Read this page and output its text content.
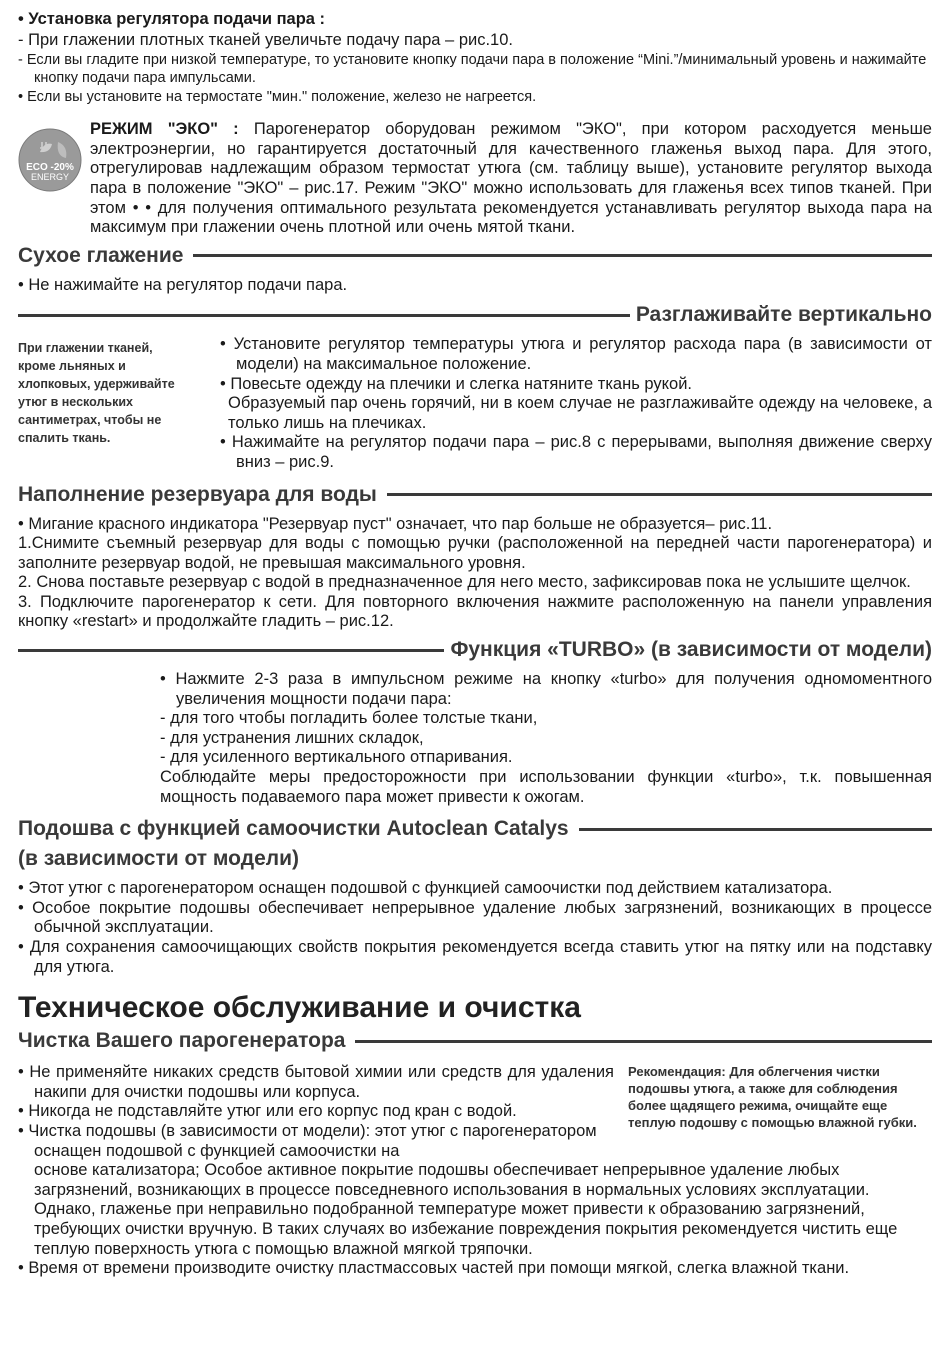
• Установка регулятора подачи пара :

- При глажении плотных тканей увеличьте подачу пара – рис.10.

- Если вы гладите при низкой температуре, то установите кнопку подачи пара в положение “Mini.”/минимальный уровень и нажимайте кнопку подачи пара импульсами.

• Если вы установите на термостате "мин." положение, железо не нагреется.

ECO -20%
ENERGY

РЕЖИМ "ЭКО" : Парогенератор оборудован режимом "ЭКО", при котором расходуется меньше электроэнергии, но гарантируется достаточный для качественного глаженья выход пара. Для этого, отрегулировав надлежащим образом термостат утюга (см. таблицу выше), установите регулятор выхода пара в положение "ЭКО" – рис.17. Режим "ЭКО" можно использовать для глаженья всех типов тканей. При этом • • для получения оптимального результата рекомендуется устанавливать регулятор выхода пара на максимум при глажении очень плотной или очень мятой ткани.

Сухое глажение

• Не нажимайте на регулятор подачи пара.

Разглаживайте вертикально

При глажении тканей, кроме льняных и хлопковых, удерживайте утюг в нескольких сантиметрах, чтобы не спалить ткань.

• Установите регулятор температуры утюга и регулятор расхода пара (в зависимости от модели) на максимальное положение.

• Повесьте одежду на плечики и слегка натяните ткань рукой.

Образуемый пар очень горячий, ни в коем случае не разглаживайте одежду на человеке, а только лишь на плечиках.

• Нажимайте на регулятор подачи пара – рис.8 с перерывами, выполняя движение сверху вниз – рис.9.

Наполнение резервуара для воды

• Мигание красного индикатора "Резервуар пуст" означает, что пар больше не образуется– рис.11.

1.Снимите съемный резервуар для воды с помощью ручки (расположенной на передней части парогенератора) и заполните резервуар водой, не превышая максимального уровня.

2. Снова поставьте резервуар с водой в предназначенное для него место, зафиксировав пока не услышите щелчок.

3. Подключите парогенератор к сети. Для повторного включения нажмите расположенную на панели управления кнопку «restart» и продолжайте гладить – рис.12.

Функция «TURBO» (в зависимости от модели)

• Нажмите 2-3 раза в импульсном режиме на кнопку «turbo» для получения одномоментного увеличения мощности подачи пара:

- для того чтобы погладить более толстые ткани,

- для устранения лишних складок,

- для усиленного вертикального отпаривания.

Соблюдайте меры предосторожности при использовании функции «turbo», т.к. повышенная мощность подаваемого пара может привести к ожогам.

Подошва с функцией самоочистки Autoclean Catalys
(в зависимости от модели)

• Этот утюг с парогенератором оснащен подошвой с функцией самоочистки под действием катализатора.

• Особое покрытие подошвы обеспечивает непрерывное удаление любых загрязнений, возникающих в процессе обычной эксплуатации.

• Для сохранения самоочищающих свойств покрытия рекомендуется всегда ставить утюг на пятку или на подставку для утюга.

Техническое обслуживание и очистка

Чистка Вашего парогенератора

• Не применяйте никаких средств бытовой химии или средств для удаления накипи для очистки подошвы или корпуса.

• Никогда не подставляйте утюг или его корпус под кран с водой.

• Чистка подошвы (в зависимости от модели): этот утюг с парогенератором оснащен подошвой с функцией самоочистки на

Рекомендация: Для облегчения чистки подошвы утюга, а также для соблюдения более щадящего режима, очищайте еще теплую подошву с помощью влажной губки.

основе катализатора; Особое активное покрытие подошвы обеспечивает непрерывное удаление любых загрязнений, возникающих в процессе повседневного использования в нормальных условиях эксплуатации. Однако, глаженье при неправильно подобранной температуре может привести к образованию загрязнений, требующих очистки вручную. В таких случаях во избежание повреждения покрытия рекомендуется чистить еще теплую поверхность утюга с помощью влажной мягкой тряпочки.

• Время от времени производите очистку пластмассовых частей при помощи мягкой, слегка влажной ткани.
